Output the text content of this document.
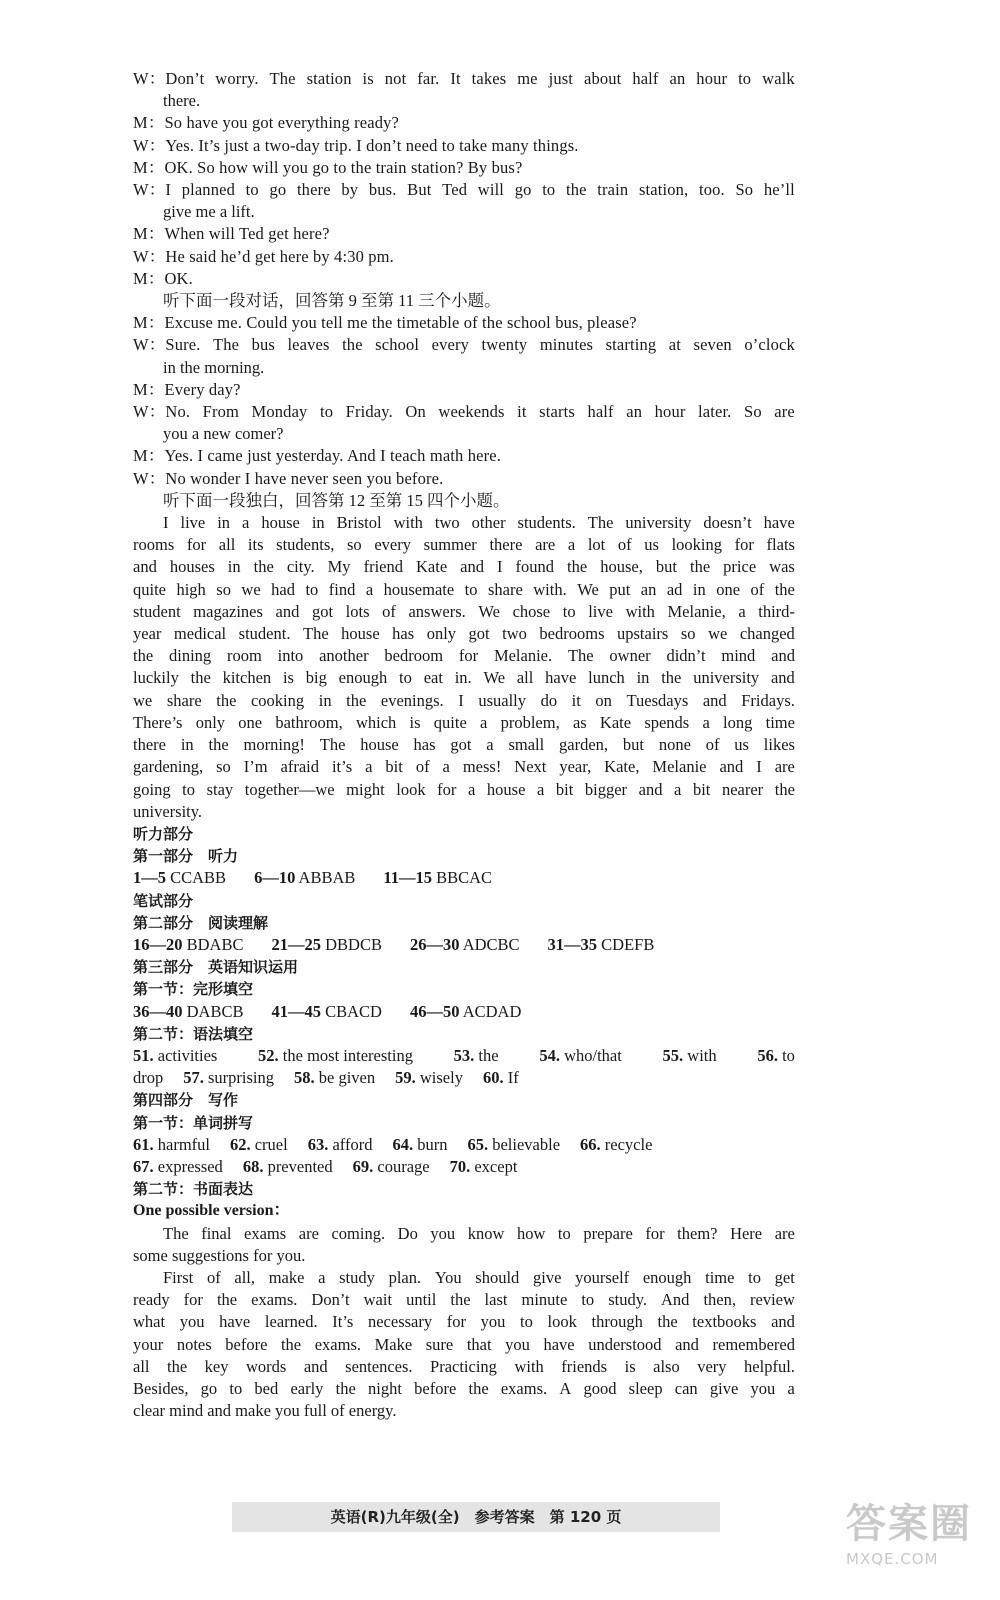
W：Don’t worry. The station is not far. It takes me just about half an hour to walk
there.
M：So have you got everything ready?
W：Yes. It’s just a two-day trip. I don’t need to take many things.
M：OK. So how will you go to the train station? By bus?
W：I planned to go there by bus. But Ted will go to the train station, too. So he’ll
give me a lift.
M：When will Ted get here?
W：He said he’d get here by 4:30 pm.
M：OK.
听下面一段对话，回答第 9 至第 11 三个小题。
M：Excuse me. Could you tell me the timetable of the school bus, please?
W：Sure. The bus leaves the school every twenty minutes starting at seven o’clock
in the morning.
M：Every day?
W：No. From Monday to Friday. On weekends it starts half an hour later. So are
you a new comer?
M：Yes. I came just yesterday. And I teach math here.
W：No wonder I have never seen you before.
听下面一段独白，回答第 12 至第 15 四个小题。
I live in a house in Bristol with two other students. The university doesn’t have
rooms for all its students, so every summer there are a lot of us looking for flats
and houses in the city. My friend Kate and I found the house, but the price was
quite high so we had to find a housemate to share with. We put an ad in one of the
student magazines and got lots of answers. We chose to live with Melanie, a third-
year medical student. The house has only got two bedrooms upstairs so we changed
the dining room into another bedroom for Melanie. The owner didn’t mind and
luckily the kitchen is big enough to eat in. We all have lunch in the university and
we share the cooking in the evenings. I usually do it on Tuesdays and Fridays.
There’s only one bathroom, which is quite a problem, as Kate spends a long time
there in the morning! The house has got a small garden, but none of us likes
gardening, so I’m afraid it’s a bit of a mess! Next year, Kate, Melanie and I are
going to stay together—we might look for a house a bit bigger and a bit nearer the
university.
听力部分
第一部分　听力
1—5 CCABB 6—10 ABBAB 11—15 BBCAC
笔试部分
第二部分　阅读理解
16—20 BDABC 21—25 DBDCB 26—30 ADCBC 31—35 CDEFB
第三部分　英语知识运用
第一节：完形填空
36—40 DABCB 41—45 CBACD 46—50 ACDAD
第二节：语法填空
51. activities 52. the most interesting 53. the 54. who/that 55. with 56. to
drop 57. surprising 58. be given 59. wisely 60. If
第四部分　写作
第一节：单词拼写
61. harmful 62. cruel 63. afford 64. burn 65. believable 66. recycle
67. expressed 68. prevented 69. courage 70. except
第二节：书面表达
One possible version：
The final exams are coming. Do you know how to prepare for them? Here are
some suggestions for you.
First of all, make a study plan. You should give yourself enough time to get
ready for the exams. Don’t wait until the last minute to study. And then, review
what you have learned. It’s necessary for you to look through the textbooks and
your notes before the exams. Make sure that you have understood and remembered
all the key words and sentences. Practicing with friends is also very helpful.
Besides, go to bed early the night before the exams. A good sleep can give you a
clear mind and make you full of energy.
英语(R)九年级(全)　参考答案　第 120 页	答案圈
MXQE.COM
